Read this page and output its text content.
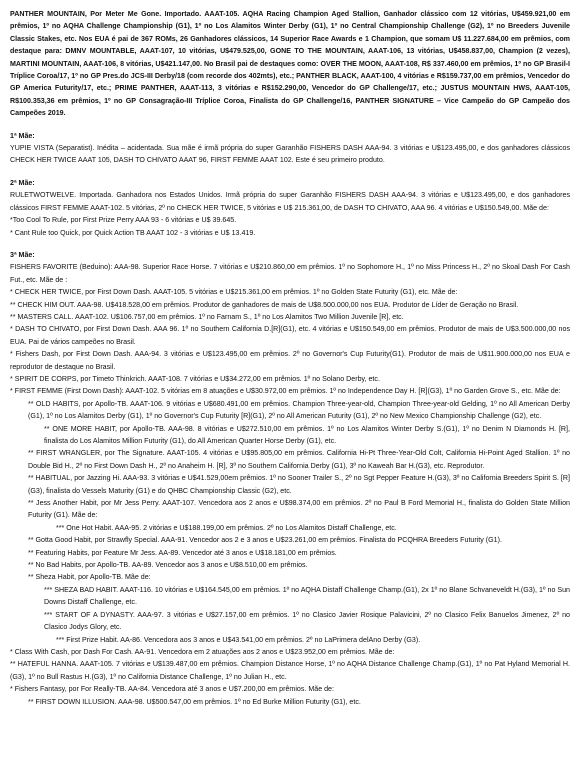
PANTHER MOUNTAIN, Por Meter Me Gone. Importado. AAAT-105. AQHA Racing Champion Aged Stallion, Ganhador clássico com 12 vitórias, U$459.921,00 em prêmios, 1º no AQHA Challenge Championship (G1), 1º no Los Alamitos Winter Derby (G1), 1º no Central Championship Challenge (G2), 1º no Breeders Juvenile Classic Stakes, etc. Nos EUA é pai de 367 ROMs, 26 Ganhadores clássicos, 14 Superior Race Awards e 1 Champion, que somam U$ 11.227.684,00 em prêmios, com destaque para: DMNV MOUNTABLE, AAAT-107, 10 vitórias, U$479.525,00, GONE TO THE MOUNTAIN, AAAT-106, 13 vitórias, U$458.837,00, Champion (2 vezes), MARTINI MOUNTAIN, AAAT-106, 8 vitórias, U$421.147,00. No Brasil pai de destaques como: OVER THE MOON, AAAT-108, R$ 337.460,00 em prêmios, 1º no GP Brasil-I Tríplice Coroa/17, 1º no GP Pres.do JCS-III Derby/18 (com recorde dos 402mts), etc.; PANTHER BLACK, AAAT-100, 4 vitórias e R$159.737,00 em prêmios, Vencedor do GP America Futurity/17, etc.; PRIME PANTHER, AAAT-113, 3 vitórias e R$152.290,00, Vencedor do GP Challenge/17, etc.; JUSTUS MOUNTAIN HWS, AAAT-105, R$100.353,36 em prêmios, 1º no GP Consagração-III Tríplice Coroa, Finalista do GP Challenge/16, PANTHER SIGNATURE – Vice Campeão do GP Campeão dos Campeões 2019.

1ª Mãe:

YUPIE VISTA (Separatist). Inédita – acidentada. Sua mãe é irmã própria do super Garanhão FISHERS DASH AAA-94. 3 vitórias e U$123.495,00, e dos ganhadores clássicos CHECK HER TWICE AAAT 105, DASH TO CHIVATO AAAT 96, FIRST FEMME AAAT 102. Este é seu primeiro produto.

2ª Mãe:

RULETWOTWELVE. Importada. Ganhadora nos Estados Unidos. Irmã própria do super Garanhão FISHERS DASH AAA-94. 3 vitórias e U$123.495,00, e dos ganhadores clássicos FIRST FEMME AAAT-102. 5 vitórias, 2º no CHECK HER TWICE, 5 vitórias e U$ 215.361,00, de DASH TO CHIVATO, AAA 96. 4 vitórias e U$150.549,00. Mãe de:

*Too Cool To Rule, por First Prize Perry AAA 93 - 6 vitórias e U$ 39.645.

* Cant Rule too Quick, por Quick Action TB AAAT 102 - 3 vitórias e U$ 13.419.

3ª Mãe:

FISHERS FAVORITE (Beduino): AAA-98. Superior Race Horse. 7 vitórias e U$210.860,00 em prêmios. 1º no Sophomore H., 1º no Miss Princess H., 2º no Skoal Dash For Cash Fut., etc. Mãe de :

* CHECK HER TWICE, por First Down Dash. AAAT-105. 5 vitórias e U$215.361,00 em prêmios. 1º no Golden State Futurity (G1), etc. Mãe de:

** CHECK HIM OUT. AAA-98. U$418.528,00 em prêmios. Produtor de ganhadores de mais de U$8.500.000,00 nos EUA. Produtor de Líder de Geração no Brasil.

** MASTERS CALL. AAAT-102. U$106.757,00 em prêmios. 1º no Farnam S., 1º no Los Alamitos Two Million Juvenile [R], etc.

* DASH TO CHIVATO, por First Down Dash. AAA 96. 1º no Southern California D.[R](G1), etc. 4 vitórias e U$150.549,00 em prêmios. Produtor de mais de U$3.500.000,00 nos EUA. Pai de vários campeões no Brasil.

* Fishers Dash, por First Down Dash. AAA-94. 3 vitórias e U$123.495,00 em prêmios. 2º no Governor's Cup Futurity(G1). Produtor de mais de U$11.900.000,00 nos EUA e reprodutor de destaque no Brasil.

* SPIRIT DE CORPS, por Timeto Thinkrich. AAAT-108. 7 vitórias e U$34.272,00 em prêmios. 1º no Solano Derby, etc.

* FIRST FEMME (First Down Dash): AAAT-102. 5 vitórias em 8 atuações e U$30.972,00 em prêmios. 1º no Independence Day H. [R](G3), 1º no Garden Grove S., etc. Mãe de:

** OLD HABITS, por Apollo-TB. AAAT-106. 9 vitórias e U$680.491,00 em prêmios. Champion Three-year-old, Champion Three-year-old Gelding, 1º no All American Derby (G1), 1º no Los Alamitos Derby (G1), 1º no Governor's Cup Futurity [R](G1), 2º no All American Futurity (G1), 2º no New Mexico Championship Challenge (G2), etc.

** ONE MORE HABIT, por Apollo-TB. AAA-98. 8 vitórias e U$272.510,00 em prêmios. 1º no Los Alamitos Winter Derby S.(G1), 1º no Denim N Diamonds H. [R], finalista do Los Alamitos Million Futurity (G1), do All American Quarter Horse Derby (G1), etc.

** FIRST WRANGLER, por The Signature. AAAT-105. 4 vitórias e U$95.805,00 em prêmios. California Hi-Pt Three-Year-Old Colt, California Hi-Point Aged Stallion. 1º no Double Bid H., 2º no First Down Dash H., 2º no Anaheim H. [R], 3º no Southern California Derby (G1), 3º no Kaweah Bar H.(G3), etc. Reprodutor.

** HABITUAL, por Jazzing Hi. AAA-93. 3 vitórias e U$41.529,00em prêmios. 1º no Sooner Trailer S., 2º no Sgt Pepper Feature H.(G3), 3º no California Breeders Spirit S. [R](G3), finalista do Vessels Maturity (G1) e do QHBC Championship Classic (G2), etc.

** Jess Another Habit, por Mr Jess Perry. AAAT-107. Vencedora aos 2 anos e U$98.374,00 em prêmios. 2º no Paul B Ford Memorial H., finalista do Golden State Million Futurity (G1). Mãe de:

*** One Hot Habit. AAA-95. 2 vitórias e U$188.199,00 em prêmios. 2º no Los Alamitos Distaff Challenge, etc.

** Gotta Good Habit, por Strawfly Special. AAA-91. Vencedor aos 2 e 3 anos e U$23.261,00 em prêmios. Finalista do PCQHRA Breeders Futurity (G1).

** Featuring Habits, por Feature Mr Jess. AA-89. Vencedor até 3 anos e U$18.181,00 em prêmios.

** No Bad Habits, por Apollo-TB. AA-89. Vencedor aos 3 anos e U$8.510,00 em prêmios.

** Sheza Habit, por Apollo-TB. Mãe de:

*** SHEZA BAD HABIT. AAAT-116. 10 vitórias e U$164.545,00 em prêmios. 1º no AQHA Distaff Challenge Champ.(G1), 2x 1º no Blane Schvaneveldt H.(G3), 1º no Sun Downs Distaff Challenge, etc.

*** START OF A DYNASTY. AAA-97. 3 vitórias e U$27.157,00 em prêmios. 1º no Clasico Javier Rosique Palavicini, 2º no Clasico Felix Banuelos Jimenez, 2º no Clasico Jodys Glory, etc.

*** First Prize Habit. AA-86. Vencedora aos 3 anos e U$43.541,00 em prêmios. 2º no LaPrimera delAno Derby (G3).

* Class With Cash, por Dash For Cash. AA-91. Vencedora em 2 atuações aos 2 anos e U$23.952,00 em prêmios. Mãe de:

** HATEFUL HANNA. AAAT-105. 7 vitórias e U$139.487,00 em prêmios. Champion Distance Horse, 1º no AQHA Distance Challenge Champ.(G1), 1º no Pat Hyland Memorial H.(G3), 1º no Bull Rastus H.(G3), 1º no California Distance Challenge, 1º no Julian H., etc.

* Fishers Fantasy, por For Really-TB. AA-84. Vencedora até 3 anos e U$7.200,00 em prêmios. Mãe de:

** FIRST DOWN ILLUSION. AAA-98. U$500.547,00 em prêmios. 1º no Ed Burke Million Futurity (G1), etc.
